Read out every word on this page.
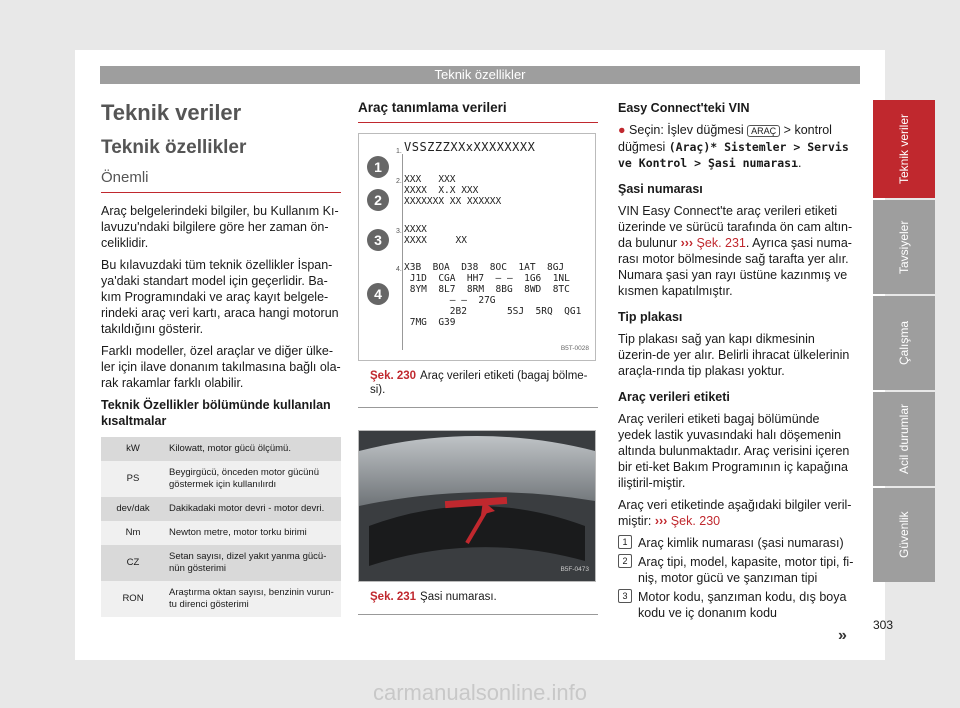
Teknik özellikler
Teknik veriler
Teknik özellikler
Önemli

Araç belgelerindeki bilgiler, bu Kullanım Kı-lavuzu'ndaki bilgilere göre her zaman ön-celiklidir.

Bu kılavuzdaki tüm teknik özellikler İspan-ya'daki standart model için geçerlidir. Ba-kım Programındaki ve araç kayıt belgele-rindeki araç veri kartı, araca hangi motorun takıldığını gösterir.

Farklı modeller, özel araçlar ve diğer ülke-ler için ilave donanım takılmasına bağlı ola-rak rakamlar farklı olabilir.

Teknik Özellikler bölümünde kullanılan kısaltmalar

kW	Kilowatt, motor gücü ölçümü.
PS	Beygirgücü, önceden motor gücünü göstermek için kullanılırdı
dev/dak	Dakikadaki motor devri - motor devri.
Nm	Newton metre, motor torku birimi
CZ	Setan sayısı, dizel yakıt yanma gücü-nün gösterimi
RON	Araştırma oktan sayısı, benzinin vurun-tu direnci gösterimi
Araç tanımlama verileri
1
2
3
4
1. VSSZZZXXxXXXXXXXX
2. XXX   XXX
XXXX  X.X XXX
XXXXXXX XX XXXXXX
3. XXXX
XXXX     XX
4. X3B  BOA  D38  8OC  1AT  8GJ
J1D  CGA  HH7  – –  1G6  1NL
8YM  8L7  8RM  8BG  8WD  8TC
– –  27G
2B2       5SJ  5RQ  QG1
7MG  G39
B5T-0028
Şek. 230 Araç verileri etiketi (bagaj bölme-si).
B5F-0473
Şek. 231 Şasi numarası.

Easy Connect'teki VIN

● Seçin: İşlev düğmesi ARAÇ > kontrol düğmesi (Araç)* Sistemler > Servis ve Kontrol > Şasi numarası.

Şasi numarası

VIN Easy Connect'te araç verileri etiketi üzerinde ve sürücü tarafında ön cam altın-da bulunur ››› Şek. 231. Ayrıca şasi numa-rası motor bölmesinde sağ tarafta yer alır. Numara şasi yan rayı üstüne kazınmış ve kısmen kapatılmıştır.

Tip plakası

Tip plakası sağ yan kapı dikmesinin üzerin-de yer alır. Belirli ihracat ülkelerinin araçla-rında tip plakası yoktur.

Araç verileri etiketi

Araç verileri etiketi bagaj bölümünde yedek lastik yuvasındaki halı döşemenin altında bulunmaktadır. Araç verisini içeren bir eti-ket Bakım Programının iç kapağına iliştiril-miştir.

Araç veri etiketinde aşağıdaki bilgiler veril-miştir: ››› Şek. 230

1 Araç kimlik numarası (şasi numarası)
2 Araç tipi, model, kapasite, motor tipi, fi-niş, motor gücü ve şanzıman tipi
3 Motor kodu, şanzıman kodu, dış boya kodu ve iç donanım kodu
»
Teknik veriler
Tavsiyeler
Çalışma
Acil durumlar
Güvenlik
303
carmanualsonline.info
